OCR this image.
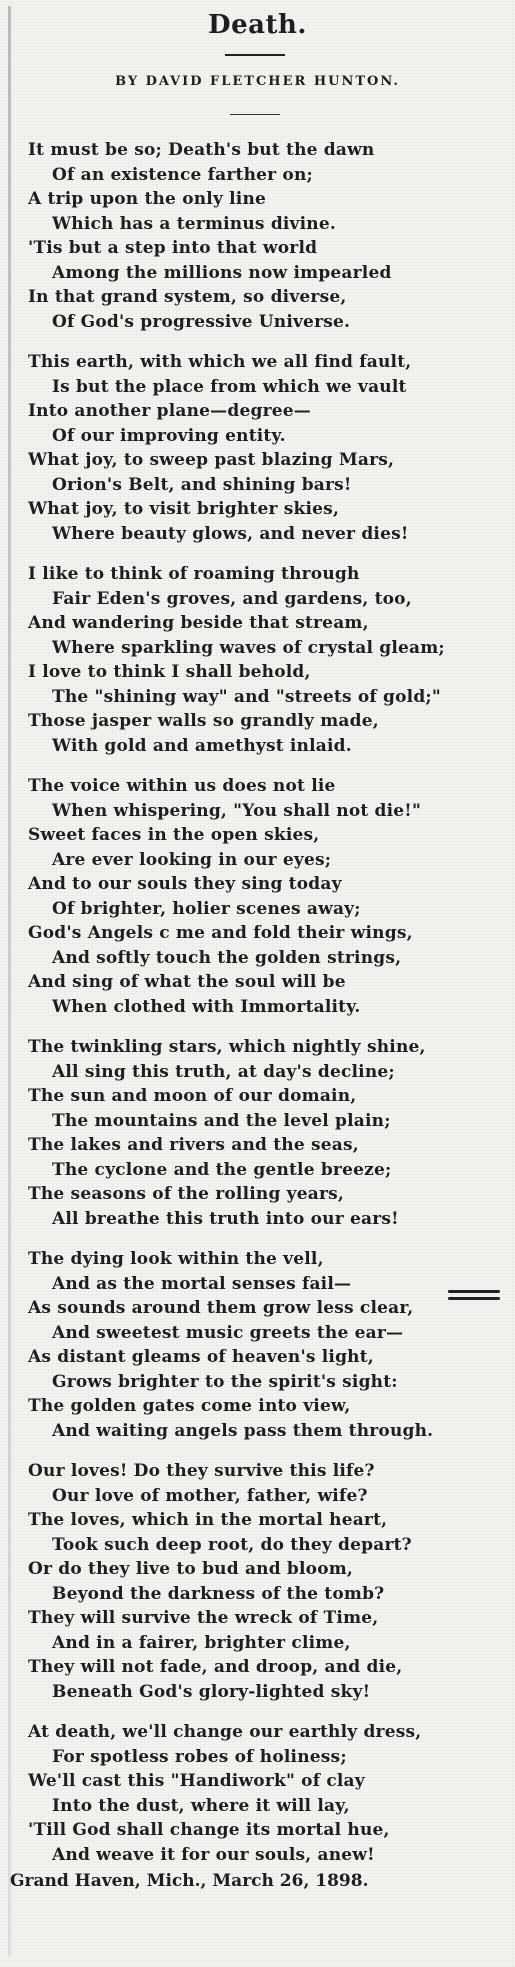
Death.
BY DAVID FLETCHER HUNTON.
It must be so; Death's but the dawn
Of an existence farther on;
A trip upon the only line
Which has a terminus divine.
'Tis but a step into that world
Among the millions now impearled
In that grand system, so diverse,
Of God's progressive Universe.
This earth, with which we all find fault,
Is but the place from which we vault
Into another plane—degree—
Of our improving entity.
What joy, to sweep past blazing Mars,
Orion's Belt, and shining bars!
What joy, to visit brighter skies,
Where beauty glows, and never dies!
I like to think of roaming through
Fair Eden's groves, and gardens, too,
And wandering beside that stream,
Where sparkling waves of crystal gleam;
I love to think I shall behold,
The "shining way" and "streets of gold;"
Those jasper walls so grandly made,
With gold and amethyst inlaid.
The voice within us does not lie
When whispering, "You shall not die!"
Sweet faces in the open skies,
Are ever looking in our eyes;
And to our souls they sing today
Of brighter, holier scenes away;
God's Angels c me and fold their wings,
And softly touch the golden strings,
And sing of what the soul will be
When clothed with Immortality.
The twinkling stars, which nightly shine,
All sing this truth, at day's decline;
The sun and moon of our domain,
The mountains and the level plain;
The lakes and rivers and the seas,
The cyclone and the gentle breeze;
The seasons of the rolling years,
All breathe this truth into our ears!
The dying look within the vell,
And as the mortal senses fail—
As sounds around them grow less clear,
And sweetest music greets the ear—
As distant gleams of heaven's light,
Grows brighter to the spirit's sight:
The golden gates come into view,
And waiting angels pass them through.
Our loves! Do they survive this life?
Our love of mother, father, wife?
The loves, which in the mortal heart,
Took such deep root, do they depart?
Or do they live to bud and bloom,
Beyond the darkness of the tomb?
They will survive the wreck of Time,
And in a fairer, brighter clime,
They will not fade, and droop, and die,
Beneath God's glory-lighted sky!
At death, we'll change our earthly dress,
For spotless robes of holiness;
We'll cast this "Handiwork" of clay
Into the dust, where it will lay,
'Till God shall change its mortal hue,
And weave it for our souls, anew!
Grand Haven, Mich., March 26, 1898.
